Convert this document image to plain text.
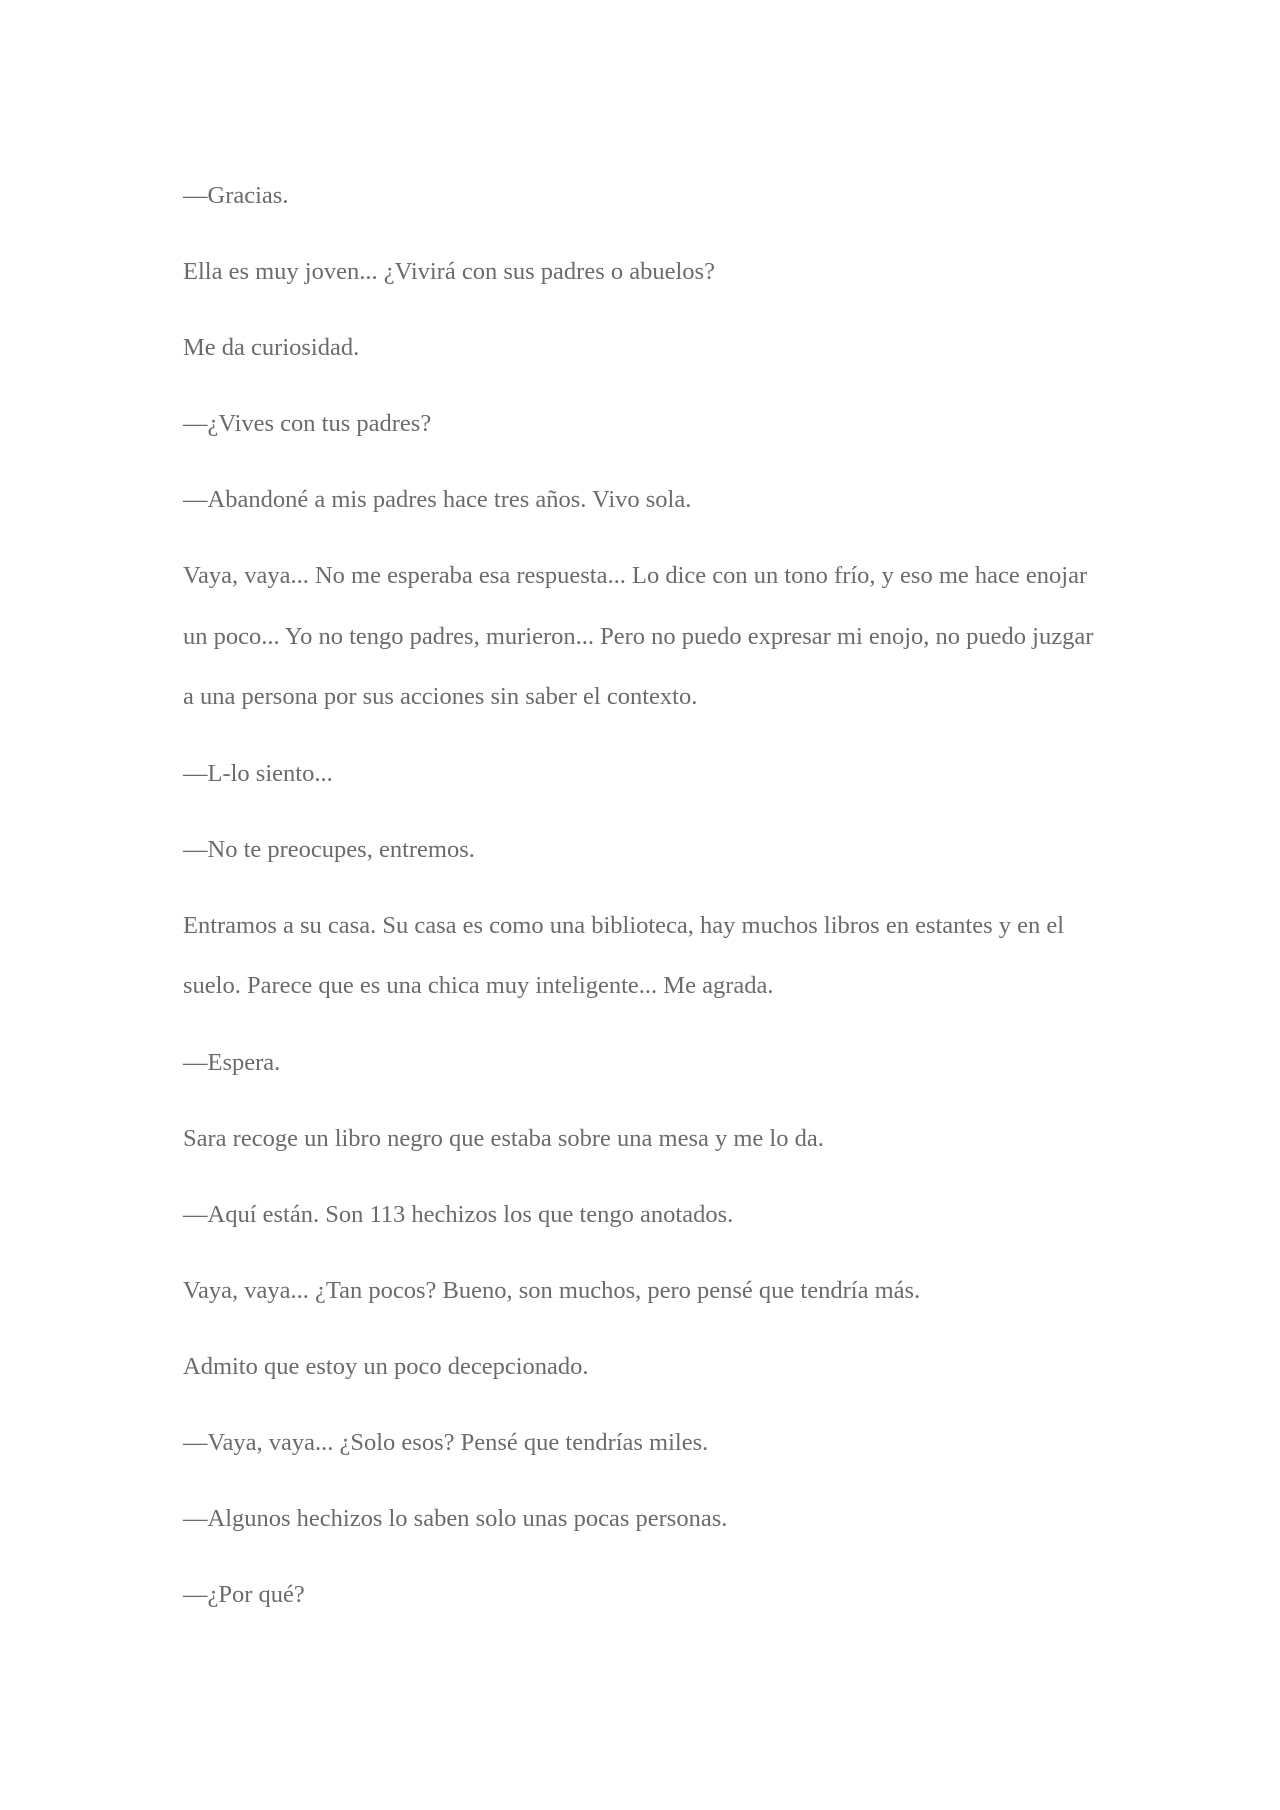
—Gracias.

Ella es muy joven... ¿Vivirá con sus padres o abuelos?

Me da curiosidad.

—¿Vives con tus padres?

—Abandoné a mis padres hace tres años. Vivo sola.

Vaya, vaya... No me esperaba esa respuesta... Lo dice con un tono frío, y eso me hace enojar un poco... Yo no tengo padres, murieron... Pero no puedo expresar mi enojo, no puedo juzgar a una persona por sus acciones sin saber el contexto.

—L-lo siento...

—No te preocupes, entremos.

Entramos a su casa. Su casa es como una biblioteca, hay muchos libros en estantes y en el suelo. Parece que es una chica muy inteligente... Me agrada.

—Espera.

Sara recoge un libro negro que estaba sobre una mesa y me lo da.

—Aquí están. Son 113 hechizos los que tengo anotados.

Vaya, vaya... ¿Tan pocos? Bueno, son muchos, pero pensé que tendría más.

Admito que estoy un poco decepcionado.

—Vaya, vaya... ¿Solo esos? Pensé que tendrías miles.

—Algunos hechizos lo saben solo unas pocas personas.

—¿Por qué?
